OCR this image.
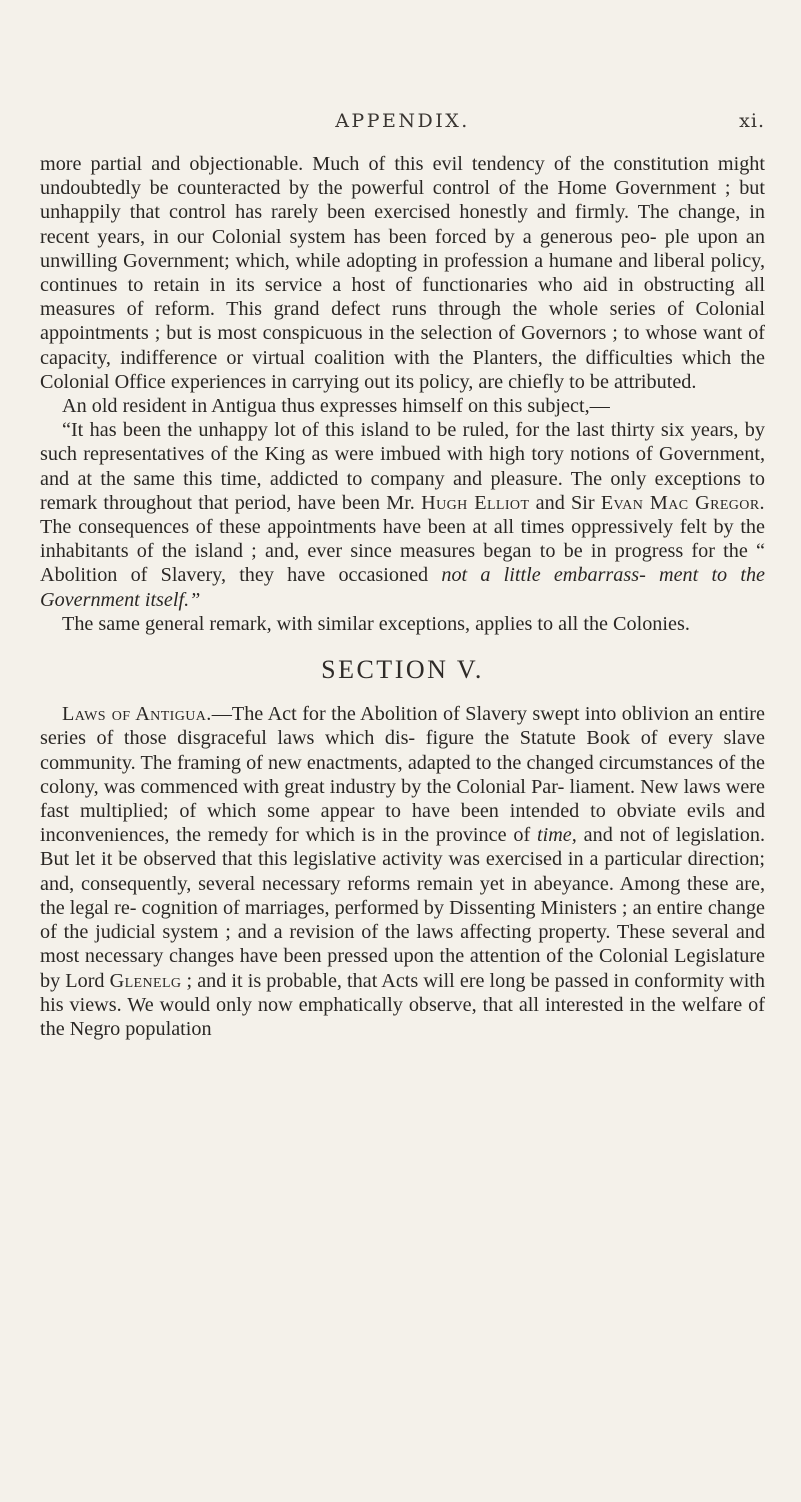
APPENDIX.	xi.

more partial and objectionable. Much of this evil tendency of the constitution might undoubtedly be counteracted by the powerful control of the Home Government ; but unhappily that control has rarely been exercised honestly and firmly. The change, in recent years, in our Colonial system has been forced by a generous peo- ple upon an unwilling Government; which, while adopting in profession a humane and liberal policy, continues to retain in its service a host of functionaries who aid in obstructing all measures of reform. This grand defect runs through the whole series of Colonial appointments ; but is most conspicuous in the selection of Governors ; to whose want of capacity, indifference or virtual coalition with the Planters, the difficulties which the Colonial Office experiences in carrying out its policy, are chiefly to be attributed.

An old resident in Antigua thus expresses himself on this subject,—

“It has been the unhappy lot of this island to be ruled, for the last thirty six years, by such representatives of the King as were imbued with high tory notions of Government, and at the same this time, addicted to company and pleasure. The only exceptions to remark throughout that period, have been Mr. Hugh Elliot and Sir Evan Mac Gregor. The consequences of these appointments have been at all times oppressively felt by the inhabitants of the island ; and, ever since measures began to be in progress for the “ Abolition of Slavery, they have occasioned not a little embarrass- ment to the Government itself.”

The same general remark, with similar exceptions, applies to all the Colonies.

SECTION V.

Laws of Antigua.—The Act for the Abolition of Slavery swept into oblivion an entire series of those disgraceful laws which dis- figure the Statute Book of every slave community. The framing of new enactments, adapted to the changed circumstances of the colony, was commenced with great industry by the Colonial Par- liament. New laws were fast multiplied; of which some appear to have been intended to obviate evils and inconveniences, the remedy for which is in the province of time, and not of legislation. But let it be observed that this legislative activity was exercised in a particular direction; and, consequently, several necessary reforms remain yet in abeyance. Among these are, the legal re- cognition of marriages, performed by Dissenting Ministers ; an entire change of the judicial system ; and a revision of the laws affecting property. These several and most necessary changes have been pressed upon the attention of the Colonial Legislature by Lord Glenelg ; and it is probable, that Acts will ere long be passed in conformity with his views. We would only now emphatically observe, that all interested in the welfare of the Negro population
